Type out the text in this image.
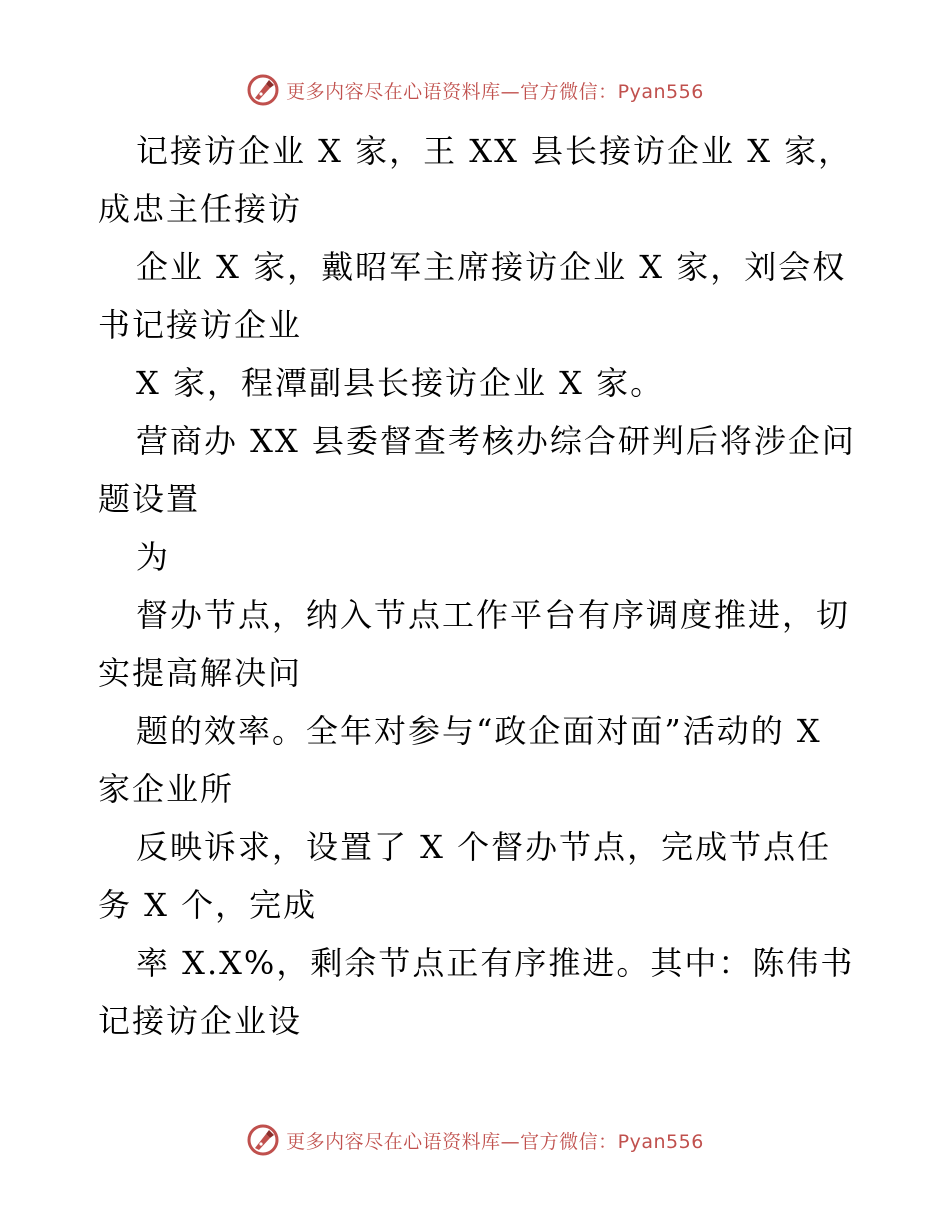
更多内容尽在心语资料库—官方微信：Pyan556
记接访企业 X 家，王 XX 县长接访企业 X 家，
成忠主任接访
企业 X 家，戴昭军主席接访企业 X 家，刘会权
书记接访企业
X 家，程潭副县长接访企业 X 家。
营商办 XX 县委督查考核办综合研判后将涉企问
题设置
为
督办节点，纳入节点工作平台有序调度推进，切
实提高解决问
题的效率。全年对参与“政企面对面”活动的 X
家企业所
反映诉求，设置了 X 个督办节点，完成节点任
务 X 个，完成
率 X.X%，剩余节点正有序推进。其中：陈伟书
记接访企业设
更多内容尽在心语资料库—官方微信：Pyan556
